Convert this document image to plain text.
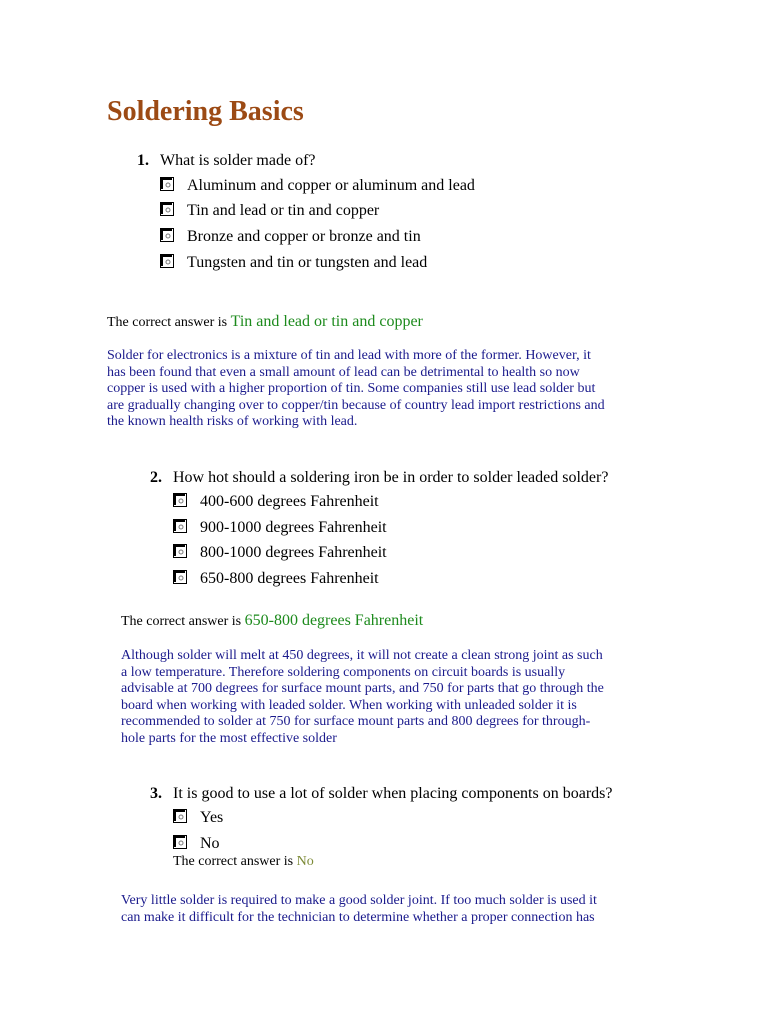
Soldering Basics
1. What is solder made of?
Aluminum and copper or aluminum and lead
Tin and lead or tin and copper
Bronze and copper or bronze and tin
Tungsten and tin or tungsten and lead
The correct answer is Tin and lead or tin and copper
Solder for electronics is a mixture of tin and lead with more of the former. However, it
has been found that even a small amount of lead can be detrimental to health so now
copper is used with a higher proportion of tin. Some companies still use lead solder but
are gradually changing over to copper/tin because of country lead import restrictions and
the known health risks of working with lead.
2. How hot should a soldering iron be in order to solder leaded solder?
400-600 degrees Fahrenheit
900-1000 degrees Fahrenheit
800-1000 degrees Fahrenheit
650-800 degrees Fahrenheit
The correct answer is 650-800 degrees Fahrenheit
Although solder will melt at 450 degrees, it will not create a clean strong joint as such
a low temperature. Therefore soldering components on circuit boards is usually
advisable at 700 degrees for surface mount parts, and 750 for parts that go through the
board when working with leaded solder. When working with unleaded solder it is
recommended to solder at 750 for surface mount parts and 800 degrees for through-
hole parts for the most effective solder
3. It is good to use a lot of solder when placing components on boards?
Yes
No
The correct answer is No
Very little solder is required to make a good solder joint. If too much solder is used it
can make it difficult for the technician to determine whether a proper connection has
